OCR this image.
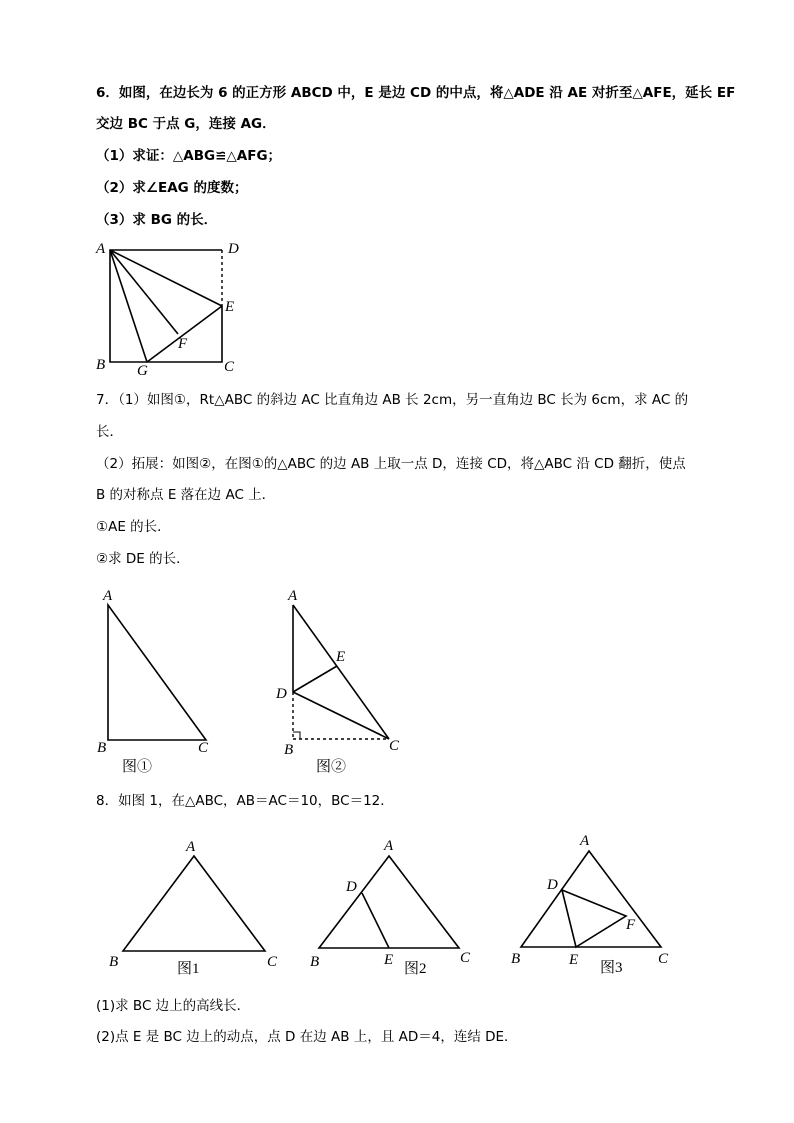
6．如图，在边长为 6 的正方形 ABCD 中，E 是边 CD 的中点，将△ADE 沿 AE 对折至△AFE，延长 EF
交边 BC 于点 G，连接 AG．
（1）求证：△ABG≌△AFG；
（2）求∠EAG 的度数；
（3）求 BG 的长．
A	D
E
F
B G	C
7．（1）如图①，Rt△ABC 的斜边 AC 比直角边 AB 长 2cm，另一直角边 BC 长为 6cm，求 AC 的
长．
（2）拓展：如图②，在图①的△ABC 的边 AB 上取一点 D，连接 CD，将△ABC 沿 CD 翻折，使点
B 的对称点 E 落在边 AC 上．
①AE 的长．
②求 DE 的长．
A
B	C
图①
A
E
D
B	C
图②
8．如图 1，在△ABC，AB＝AC＝10，BC＝12．
A
B	C
图1
A
D
B	E
图2
C
A
D
F
B	E 图3
C
(1)求 BC 边上的高线长．
(2)点 E 是 BC 边上的动点，点 D 在边 AB 上，且 AD＝4，连结 DE．
